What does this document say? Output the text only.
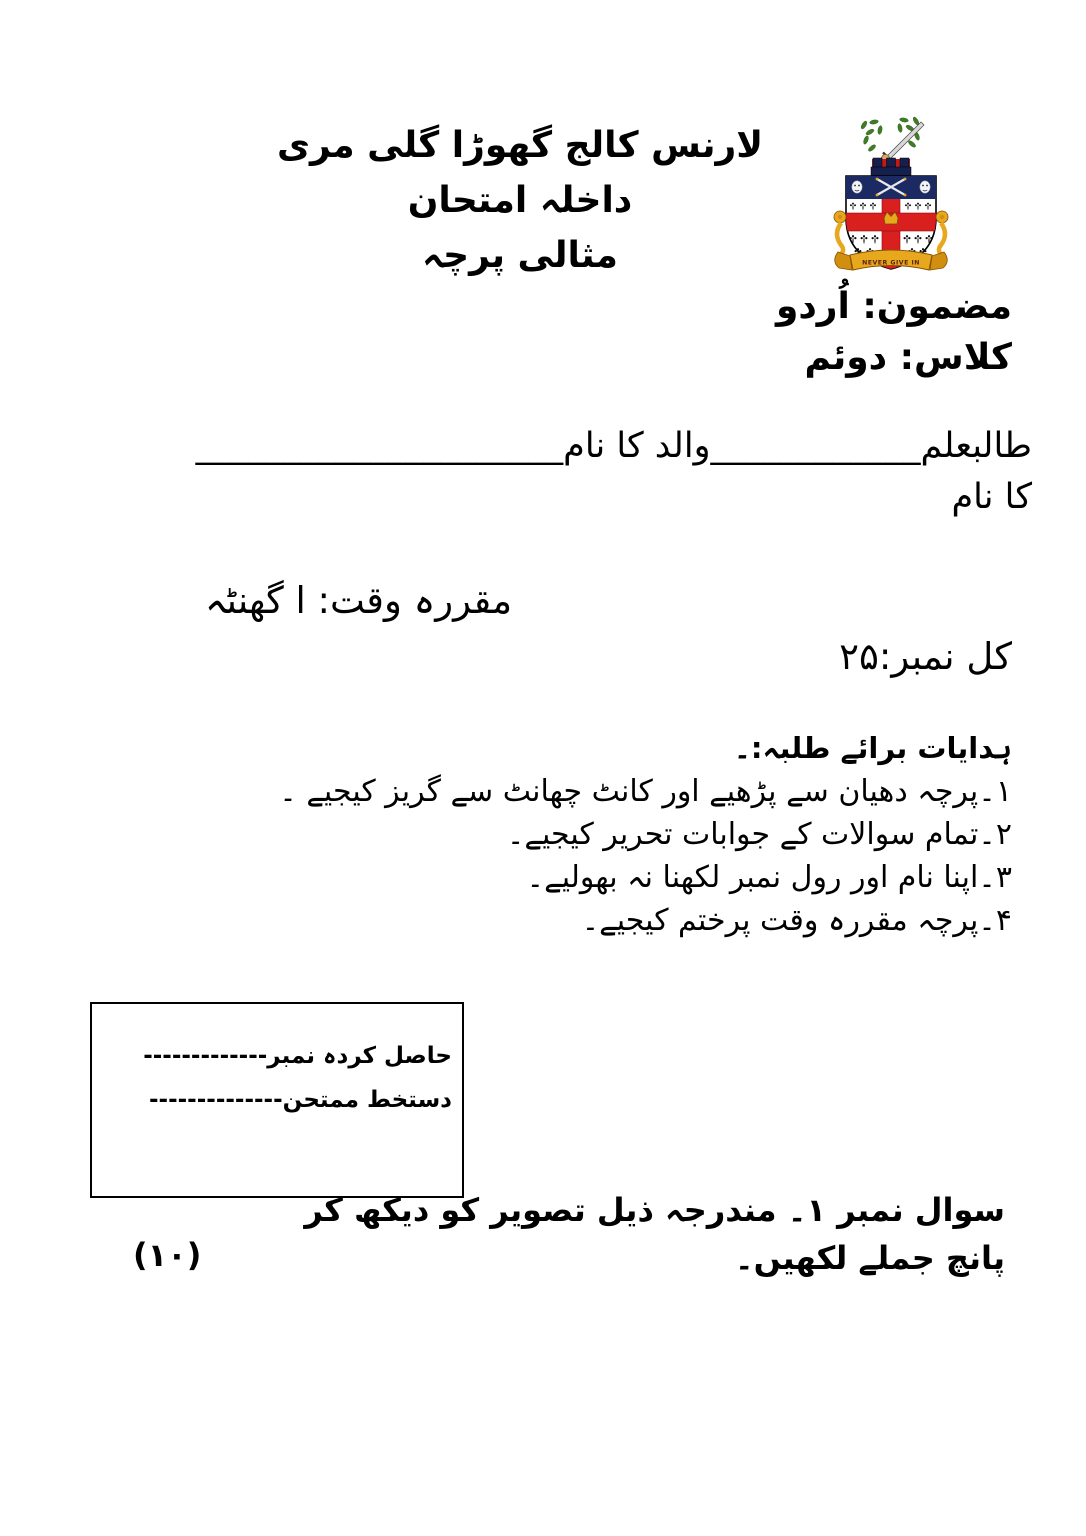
لارنس کالج گھوڑا گلی مری
داخلہ امتحان
مثالی پرچہ	NEVER GIVE IN
مضمون: اُردو
کلاس: دوئم
طالبعلم
____________
والد کا نام
_____________________
کا نام
مقررہ وقت: ا گھنٹہ
کل نمبر:۲۵
ہدایات برائے طلبہ:۔
۱۔پرچہ دھیان سے پڑھیے اور کانٹ چھانٹ سے گریز کیجیے ۔
۲۔تمام سوالات کے جوابات تحریر کیجیے۔
۳۔اپنا نام اور رول نمبر لکھنا نہ بھولیے۔
۴۔پرچہ مقررہ وقت پرختم کیجیے۔
حاصل کردہ نمبر-------------
دستخط ممتحن--------------
سوال نمبر ۱۔ مندرجہ ذیل تصویر کو دیکھ کر
پانچ جملے لکھیں۔
(۱۰)
